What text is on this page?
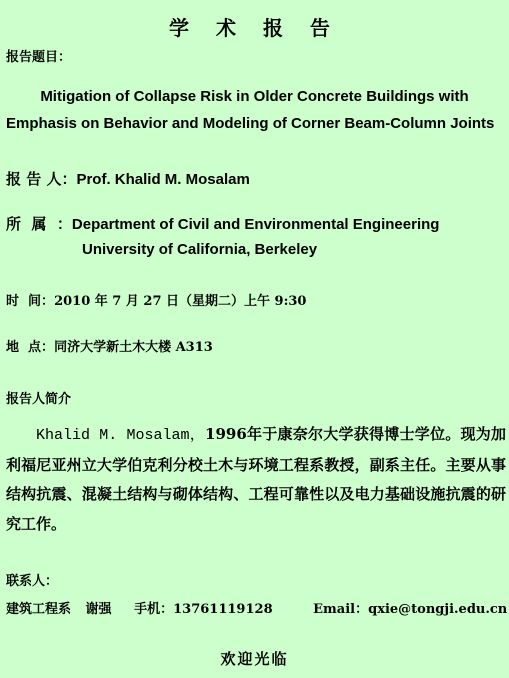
学 术 报 告
报告题目：
Mitigation of Collapse Risk in Older Concrete Buildings with
Emphasis on Behavior and Modeling of Corner Beam-Column Joints
报 告 人：Prof. Khalid M. Mosalam
所  属  ：Department of Civil and Environmental Engineering
University of California, Berkeley
时  间：2010 年 7 月 27 日（星期二）上午 9:30
地  点：同济大学新土木大楼 A313
报告人简介

Khalid M. Mosalam，1996年于康奈尔大学获得博士学位。现为加利福尼亚州立大学伯克利分校土木与环境工程系教授，副系主任。主要从事结构抗震、混凝土结构与砌体结构、工程可靠性以及电力基础设施抗震的研究工作。

联系人：
建筑工程系 谢强 手机：13761119128	Email：qxie@tongji.edu.cn
欢迎光临
